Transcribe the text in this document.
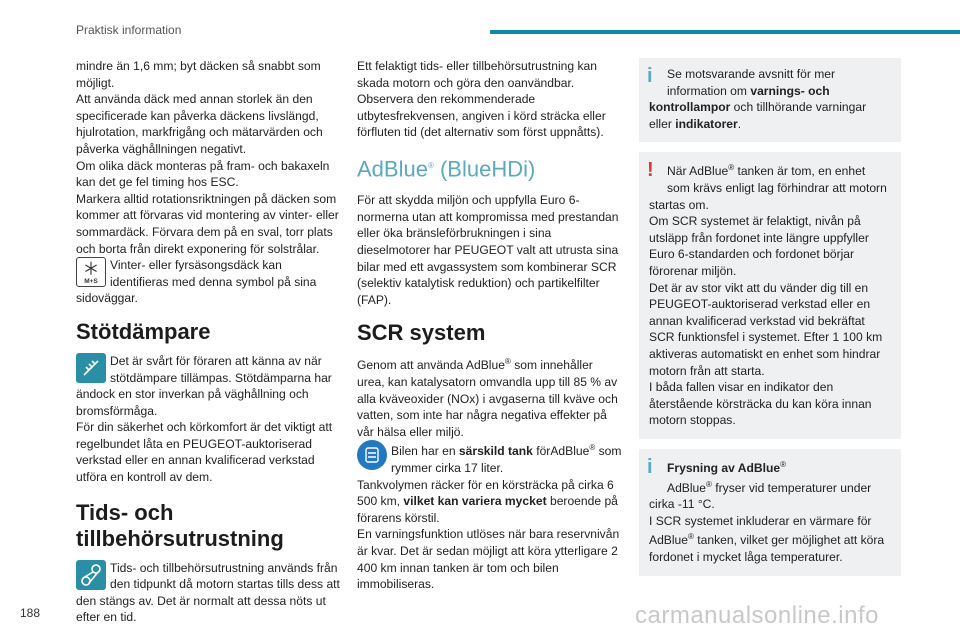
Praktisk information

mindre än 1,6 mm; byt däcken så snabbt som möjligt.

Att använda däck med annan storlek än den specificerade kan påverka däckens livslängd, hjulrotation, markfrigång och mätarvärden och påverka väghållningen negativt.

Om olika däck monteras på fram- och bakaxeln kan det ge fel timing hos ESC.

Markera alltid rotationsriktningen på däcken som kommer att förvaras vid montering av vinter- eller sommardäck. Förvara dem på en sval, torr plats och borta från direkt exponering för solstrålar.

M+S
Vinter- eller fyrsäsongsdäck kan identifieras med denna symbol på sina sidoväggar.

Stötdämpare

Det är svårt för föraren att känna av när stötdämpare tillämpas. Stötdämparna har ändock en stor inverkan på väghållning och bromsförmåga.

För din säkerhet och körkomfort är det viktigt att regelbundet låta en PEUGEOT-auktoriserad verkstad eller en annan kvalificerad verkstad utföra en kontroll av dem.

Tids- och tillbehörsutrustning

Tids- och tillbehörsutrustning används från den tidpunkt då motorn startas tills dess att den stängs av. Det är normalt att dessa nöts ut efter en tid.

Ett felaktigt tids- eller tillbehörsutrustning kan skada motorn och göra den oanvändbar.

Observera den rekommenderade utbytesfrekvensen, angiven i körd sträcka eller förfluten tid (det alternativ som först uppnåtts).

AdBlue® (BlueHDi)

För att skydda miljön och uppfylla Euro 6-normerna utan att kompromissa med prestandan eller öka bränsleförbrukningen i sina dieselmotorer har PEUGEOT valt att utrusta sina bilar med ett avgassystem som kombinerar SCR (selektiv katalytisk reduktion) och partikelfilter (FAP).

SCR system

Genom att använda AdBlue® som innehåller urea, kan katalysatorn omvandla upp till 85 % av alla kväveoxider (NOx) i avgaserna till kväve och vatten, som inte har några negativa effekter på vår hälsa eller miljö.

Bilen har en särskild tank förAdBlue® som rymmer cirka 17 liter.

Tankvolymen räcker för en körsträcka på cirka 6 500 km, vilket kan variera mycket beroende på förarens körstil.

En varningsfunktion utlöses när bara reservnivån är kvar. Det är sedan möjligt att köra ytterligare 2 400 km innan tanken är tom och bilen immobiliseras.

i	Se motsvarande avsnitt för mer information om varnings- och kontrollampor och tillhörande varningar eller indikatorer.

!	När AdBlue® tanken är tom, en enhet som krävs enligt lag förhindrar att motorn startas om.

Om SCR systemet är felaktigt, nivån på utsläpp från fordonet inte längre uppfyller Euro 6-standarden och fordonet börjar förorenar miljön.

Det är av stor vikt att du vänder dig till en PEUGEOT-auktoriserad verkstad eller en annan kvalificerad verkstad vid bekräftat SCR funktionsfel i systemet. Efter 1 100 km aktiveras automatiskt en enhet som hindrar motorn från att starta.

I båda fallen visar en indikator den återstående körsträcka du kan köra innan motorn stoppas.

i	Frysning av AdBlue®

AdBlue® fryser vid temperaturer under cirka -11 °C.

I SCR systemet inkluderar en värmare för AdBlue® tanken, vilket ger möjlighet att köra fordonet i mycket låga temperaturer.

188	carmanualsonline.info
